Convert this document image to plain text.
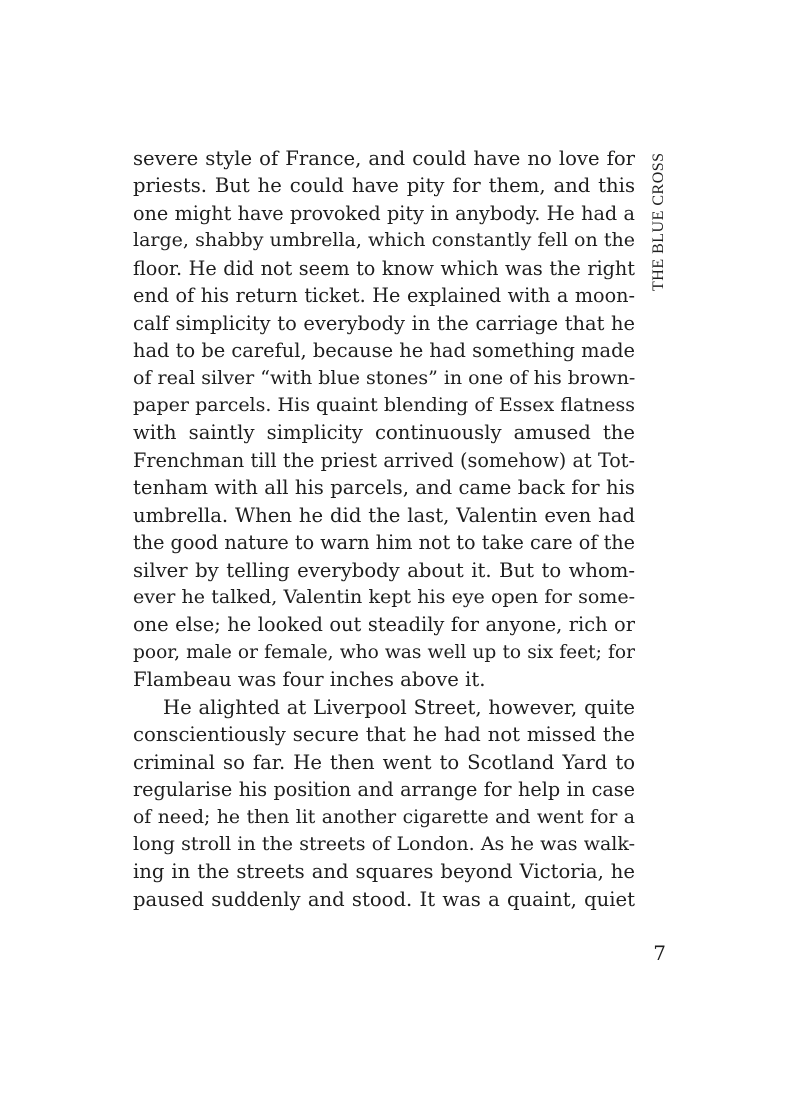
severe style of France, and could have no love for
priests. But he could have pity for them, and this
one might have provoked pity in anybody. He had a
large, shabby umbrella, which constantly fell on the
floor. He did not seem to know which was the right
end of his return ticket. He explained with a moon-
calf simplicity to everybody in the carriage that he
had to be careful, because he had something made
of real silver “with blue stones” in one of his brown-
paper parcels. His quaint blending of Essex flatness
with saintly simplicity continuously amused the
Frenchman till the priest arrived (somehow) at Tot-
tenham with all his parcels, and came back for his
umbrella. When he did the last, Valentin even had
the good nature to warn him not to take care of the
silver by telling everybody about it. But to whom-
ever he talked, Valentin kept his eye open for some-
one else; he looked out steadily for anyone, rich or
poor, male or female, who was well up to six feet; for
Flambeau was four inches above it.
He alighted at Liverpool Street, however, quite
conscientiously secure that he had not missed the
criminal so far. He then went to Scotland Yard to
regularise his position and arrange for help in case
of need; he then lit another cigarette and went for a
long stroll in the streets of London. As he was walk-
ing in the streets and squares beyond Victoria, he
paused suddenly and stood. It was a quaint, quiet
THE BLUE CROSS
7
